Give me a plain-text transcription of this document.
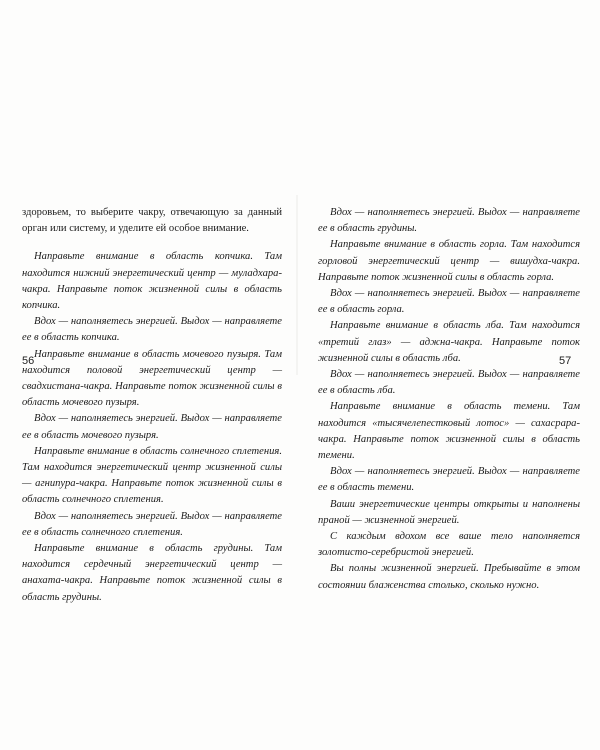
здоровьем, то выберите чакру, отвечающую за данный орган или систему, и уделите ей особое внимание.

Направьте внимание в область копчика. Там находится нижний энергетический центр — муладхара-чакра. Направьте поток жизненной силы в область копчика.

Вдох — наполняетесь энергией. Выдох — направляете ее в область копчика.

Направьте внимание в область мочевого пузыря. Там находится половой энергетический центр — свадхистана-чакра. Направьте поток жизненной силы в область мочевого пузыря.

Вдох — наполняетесь энергией. Выдох — направляете ее в область мочевого пузыря.

Направьте внимание в область солнечного сплетения. Там находится энергетический центр жизненной силы — агнипура-чакра. Направьте поток жизненной силы в область солнечного сплетения.

Вдох — наполняетесь энергией. Выдох — направляете ее в область солнечного сплетения.

Направьте внимание в область грудины. Там находится сердечный энергетический центр — анахата-чакра. Направьте поток жизненной силы в область грудины.

56

Вдох — наполняетесь энергией. Выдох — направляете ее в область грудины.

Направьте внимание в область горла. Там находится горловой энергетический центр — вишудха-чакра. Направьте поток жизненной силы в область горла.

Вдох — наполняетесь энергией. Выдох — направляете ее в область горла.

Направьте внимание в область лба. Там находится «третий глаз» — аджна-чакра. Направьте поток жизненной силы в область лба.

Вдох — наполняетесь энергией. Выдох — направляете ее в область лба.

Направьте внимание в область темени. Там находится «тысячелепестковый лотос» — сахасрара-чакра. Направьте поток жизненной силы в область темени.

Вдох — наполняетесь энергией. Выдох — направляете ее в область темени.

Ваши энергетические центры открыты и наполнены праной — жизненной энергией.

С каждым вдохом все ваше тело наполняется золотисто-серебристой энергией.

Вы полны жизненной энергией. Пребывайте в этом состоянии блаженства столько, сколько нужно.

57
